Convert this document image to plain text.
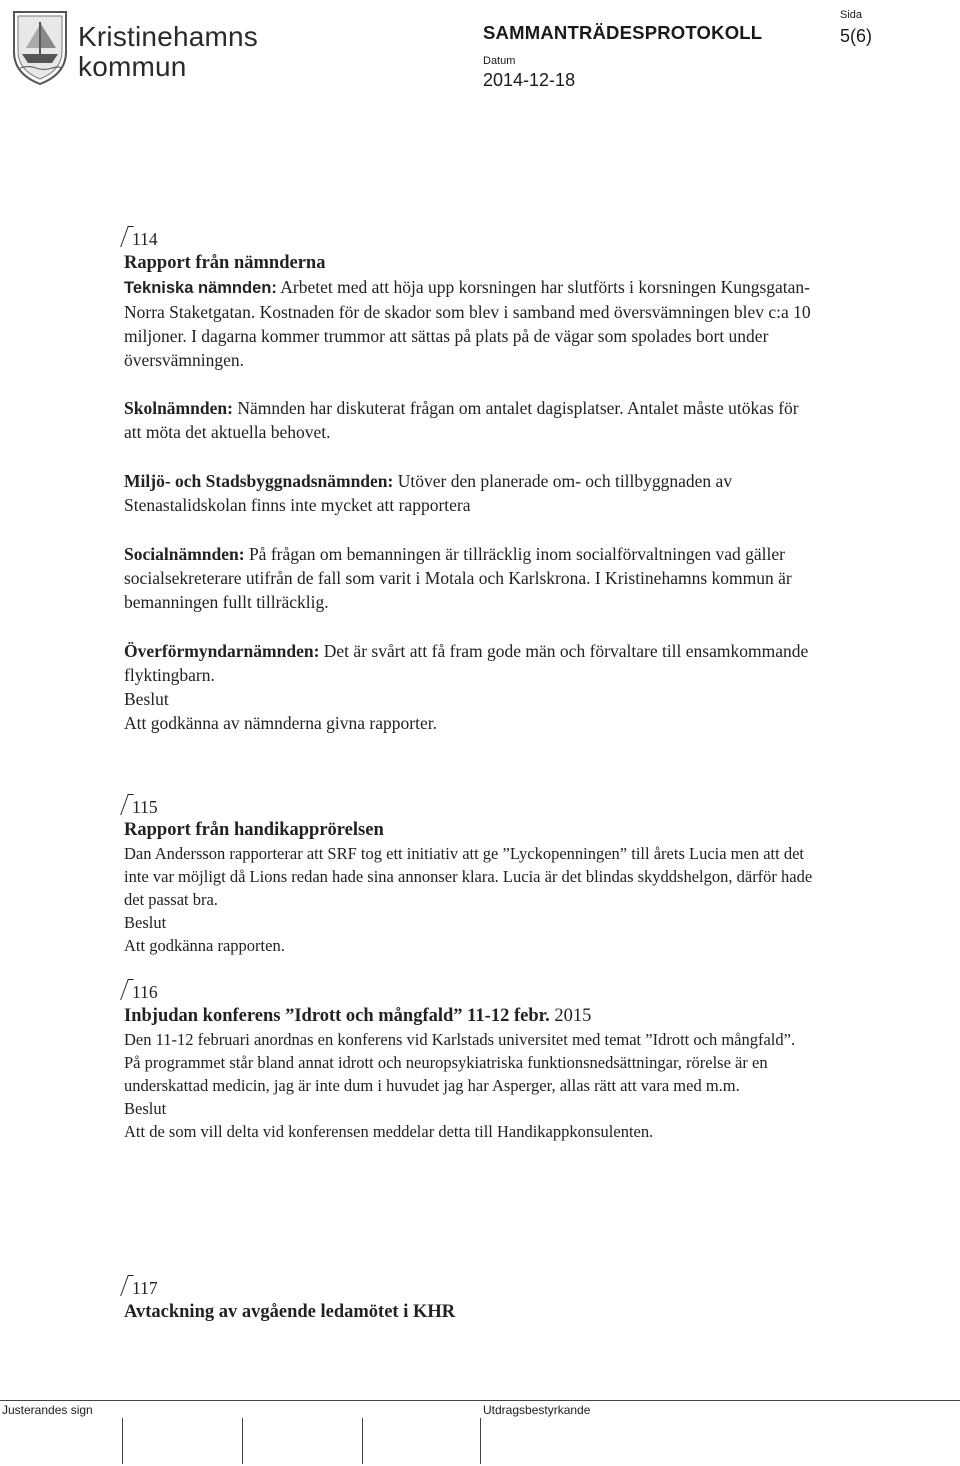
Kristinehamns
kommun
SAMMANTRÄDESPROTOKOLL
Datum
2014-12-18
Sida
5(6)
114
Rapport från nämnderna

Tekniska nämnden: Arbetet med att höja upp korsningen har slutförts i korsningen Kungsgatan-Norra Staketgatan. Kostnaden för de skador som blev i samband med översvämningen blev c:a 10 miljoner. I dagarna kommer trummor att sättas på plats på de vägar som spolades bort under översvämningen.

Skolnämnden: Nämnden har diskuterat frågan om antalet dagisplatser. Antalet måste utökas för att möta det aktuella behovet.

Miljö- och Stadsbyggnadsnämnden: Utöver den planerade om- och tillbyggnaden av Stenastalidskolan finns inte mycket att rapportera

Socialnämnden: På frågan om bemanningen är tillräcklig inom socialförvaltningen vad gäller socialsekreterare utifrån de fall som varit i Motala och Karlskrona. I Kristinehamns kommun är bemanningen fullt tillräcklig.

Överförmyndarnämnden: Det är svårt att få fram gode män och förvaltare till ensamkommande flyktingbarn.

Beslut
Att godkänna av nämnderna givna rapporter.
115
Rapport från handikapprörelsen

Dan Andersson rapporterar att SRF tog ett initiativ att ge ”Lyckopenningen” till årets Lucia men att det inte var möjligt då Lions redan hade sina annonser klara. Lucia är det blindas skyddshelgon, därför hade det passat bra.

Beslut
Att godkänna rapporten.
116
Inbjudan konferens ”Idrott och mångfald” 11-12 febr. 2015

Den 11-12 februari anordnas en konferens vid Karlstads universitet med temat ”Idrott och mångfald”. På programmet står bland annat idrott och neuropsykiatriska funktionsnedsättningar, rörelse är en underskattad medicin, jag är inte dum i huvudet jag har Asperger, allas rätt att vara med m.m.

Beslut
Att de som vill delta vid konferensen meddelar detta till Handikappkonsulenten.
117
Avtackning av avgående ledamötet i KHR
Justerandes sign	Utdragsbestyrkande
